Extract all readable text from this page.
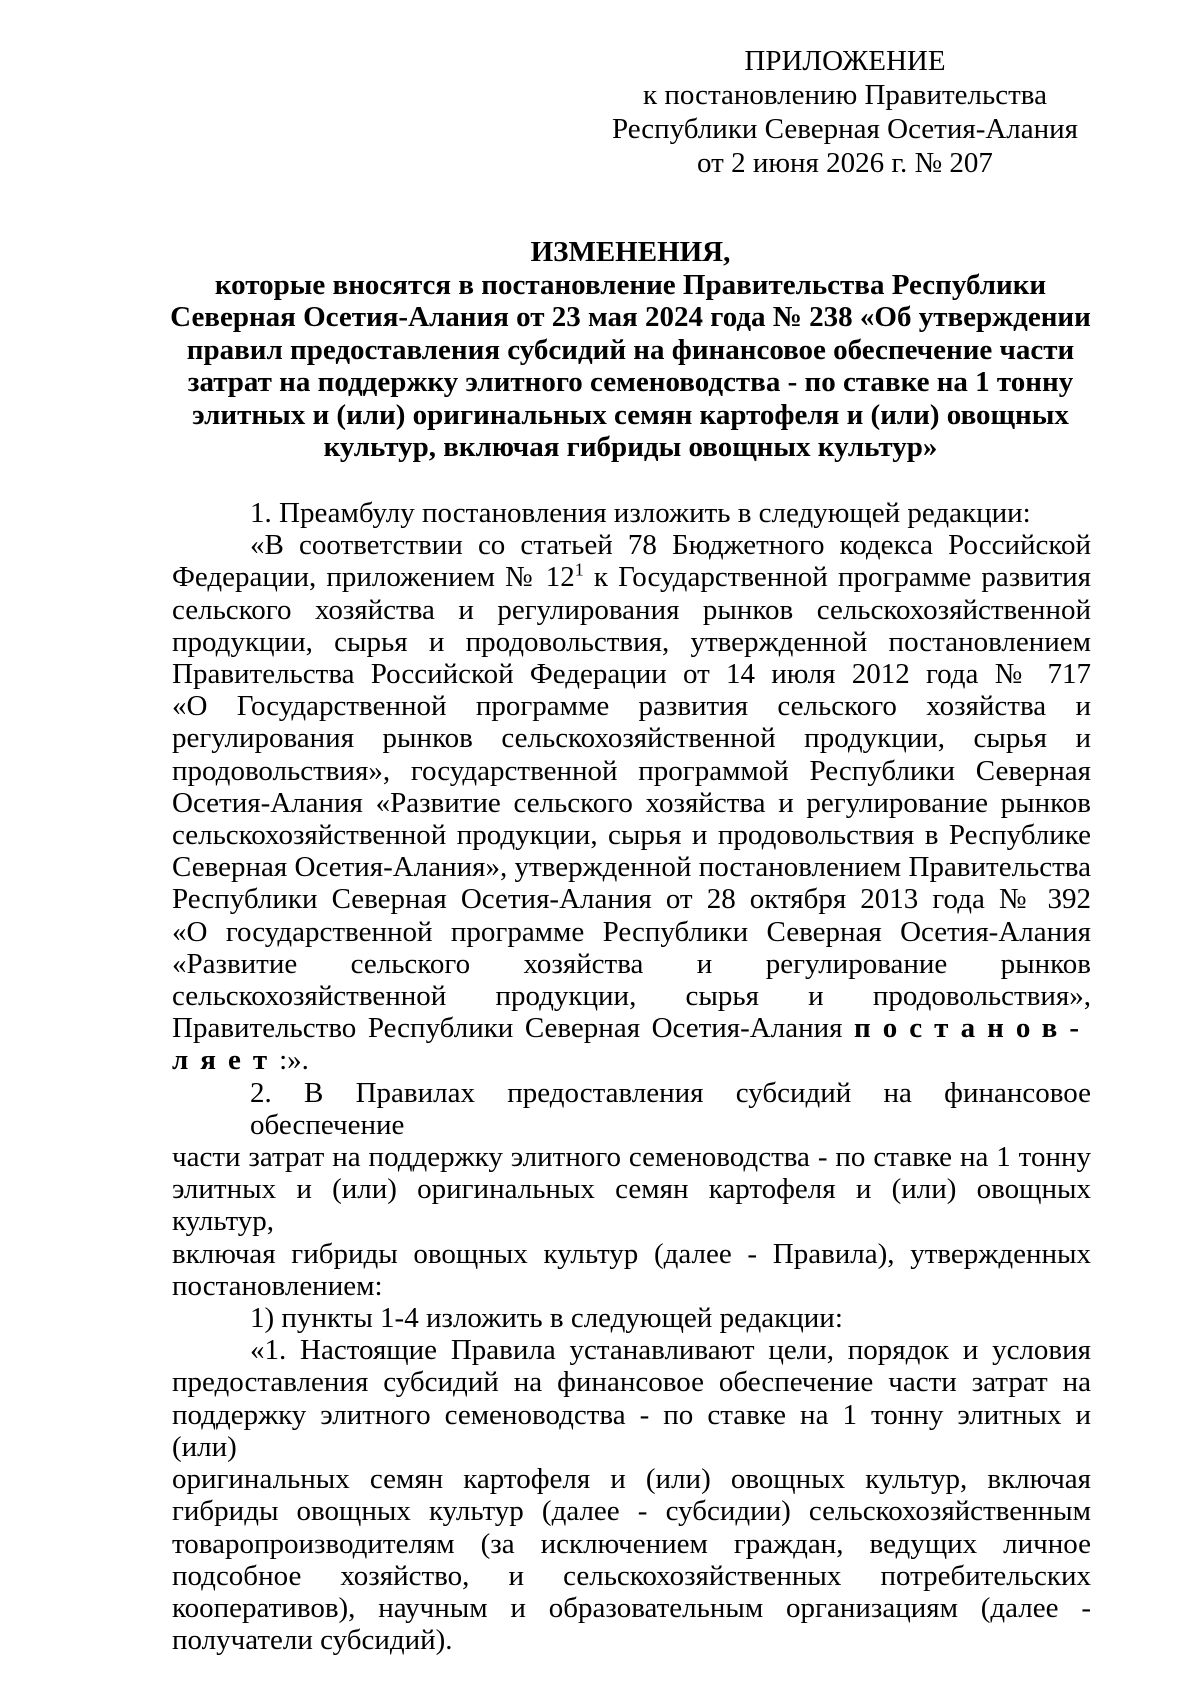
ПРИЛОЖЕНИЕ
к постановлению Правительства
Республики Северная Осетия-Алания
от 2 июня 2026 г. № 207
ИЗМЕНЕНИЯ,
которые вносятся в постановление Правительства Республики
Северная Осетия-Алания от 23 мая 2024 года № 238 «Об утверждении
правил предоставления субсидий на финансовое обеспечение части
затрат на поддержку элитного семеноводства - по ставке на 1 тонну
элитных и (или) оригинальных семян картофеля и (или) овощных
культур, включая гибриды овощных культур»
1. Преамбулу постановления изложить в следующей редакции:
«В соответствии со статьей 78 Бюджетного кодекса Российской
Федерации, приложением № $12^1$ к Государственной программе развития
сельского хозяйства и регулирования рынков сельскохозяйственной
продукции, сырья и продовольствия, утвержденной постановлением
Правительства Российской Федерации от 14 июля 2012 года № 717
«О Государственной программе развития сельского хозяйства и
регулирования рынков сельскохозяйственной продукции, сырья и
продовольствия», государственной программой Республики Северная
Осетия-Алания «Развитие сельского хозяйства и регулирование рынков
сельскохозяйственной продукции, сырья и продовольствия в Республике
Северная Осетия-Алания», утвержденной постановлением Правительства
Республики Северная Осетия-Алания от 28 октября 2013 года № 392
«О государственной программе Республики Северная Осетия-Алания
«Развитие сельского хозяйства и регулирование рынков
сельскохозяйственной продукции, сырья и продовольствия»,
Правительство Республики Северная Осетия-Алания постанов-
ляет:».
2. В Правилах предоставления субсидий на финансовое обеспечение
части затрат на поддержку элитного семеноводства - по ставке на 1 тонну
элитных и (или) оригинальных семян картофеля и (или) овощных культур,
включая гибриды овощных культур (далее - Правила), утвержденных
постановлением:
1) пункты 1-4 изложить в следующей редакции:
«1. Настоящие Правила устанавливают цели, порядок и условия
предоставления субсидий на финансовое обеспечение части затрат на
поддержку элитного семеноводства - по ставке на 1 тонну элитных и (или)
оригинальных семян картофеля и (или) овощных культур, включая
гибриды овощных культур (далее - субсидии) сельскохозяйственным
товаропроизводителям (за исключением граждан, ведущих личное
подсобное хозяйство, и сельскохозяйственных потребительских
кооперативов), научным и образовательным организациям (далее -
получатели субсидий).
